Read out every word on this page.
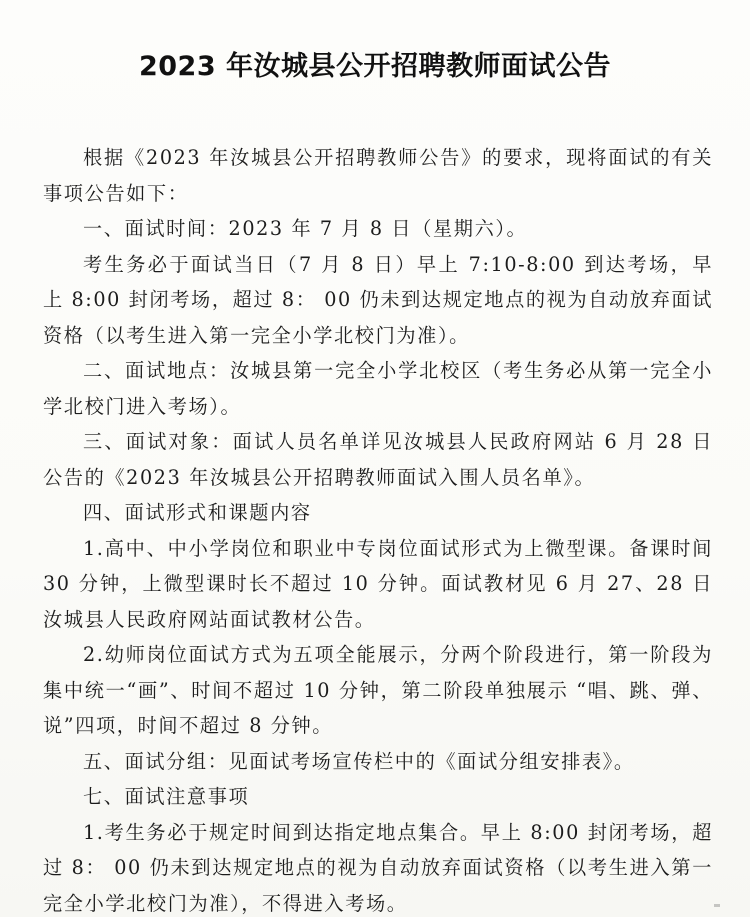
2023 年汝城县公开招聘教师面试公告

根据《2023 年汝城县公开招聘教师公告》的要求，现将面试的有关事项公告如下：

一、面试时间：2023 年 7 月 8 日（星期六）。

考生务必于面试当日（7 月 8 日）早上 7:10-8:00 到达考场，早上 8:00 封闭考场，超过 8： 00 仍未到达规定地点的视为自动放弃面试资格（以考生进入第一完全小学北校门为准）。

二、面试地点：汝城县第一完全小学北校区（考生务必从第一完全小学北校门进入考场）。

三、面试对象：面试人员名单详见汝城县人民政府网站 6 月 28 日公告的《2023 年汝城县公开招聘教师面试入围人员名单》。

四、面试形式和课题内容

1.高中、中小学岗位和职业中专岗位面试形式为上微型课。备课时间 30 分钟，上微型课时长不超过 10 分钟。面试教材见 6 月 27、28 日汝城县人民政府网站面试教材公告。

2.幼师岗位面试方式为五项全能展示，分两个阶段进行，第一阶段为集中统一“画”、时间不超过 10 分钟，第二阶段单独展示 “唱、跳、弹、说”四项，时间不超过 8 分钟。

五、面试分组：见面试考场宣传栏中的《面试分组安排表》。

七、面试注意事项

1.考生务必于规定时间到达指定地点集合。早上 8:00 封闭考场，超过 8： 00 仍未到达规定地点的视为自动放弃面试资格（以考生进入第一完全小学北校门为准），不得进入考场。
